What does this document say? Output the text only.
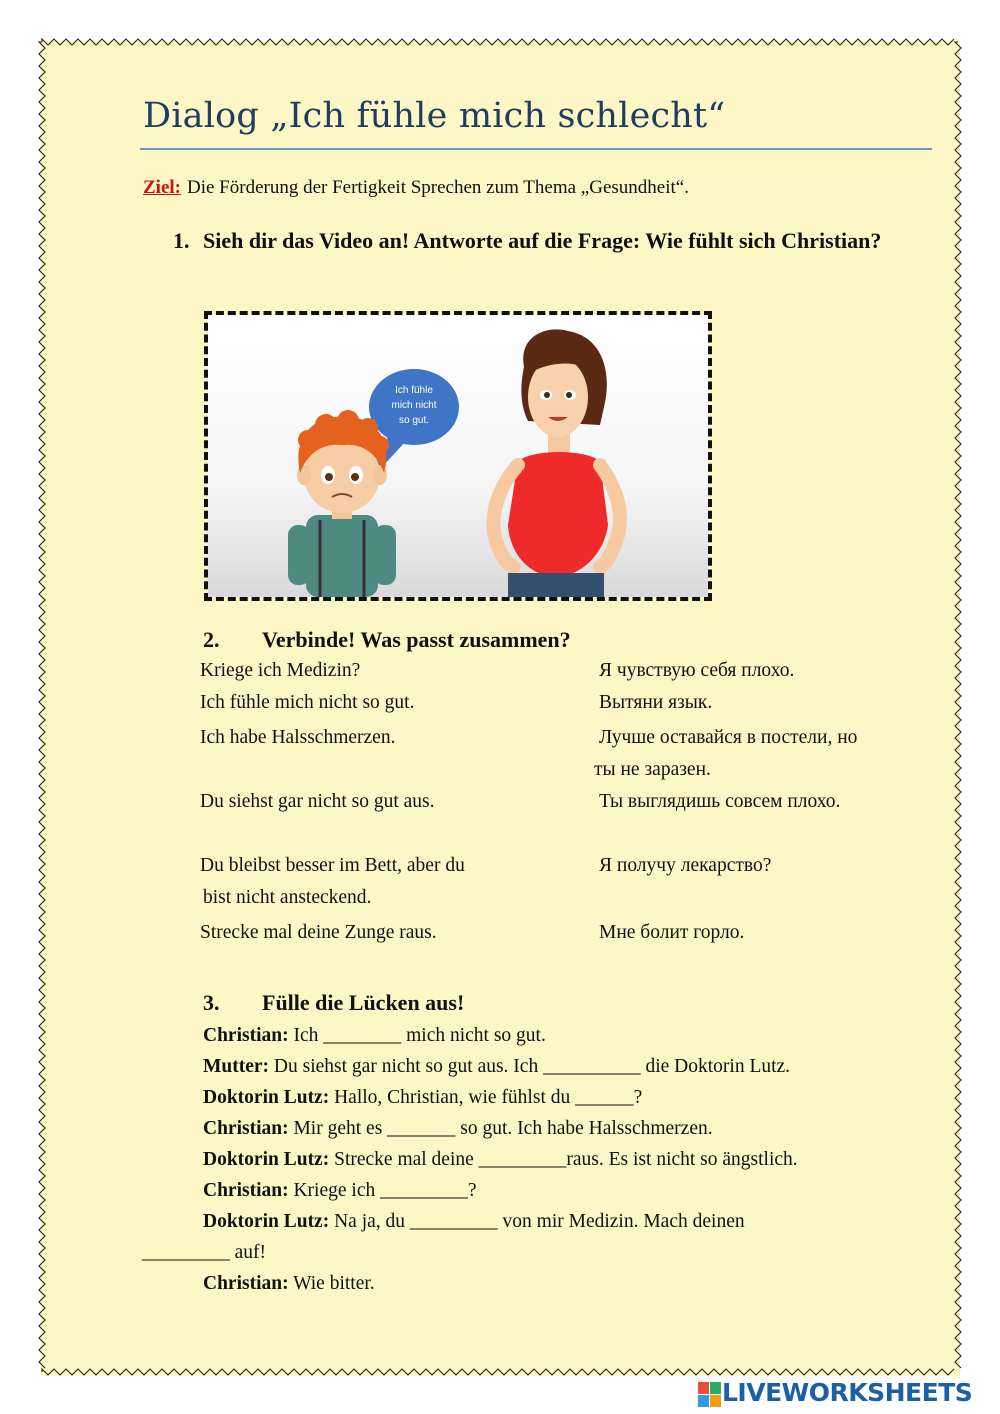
Dialog „Ich fühle mich schlecht“
Ziel: Die Förderung der Fertigkeit Sprechen zum Thema „Gesundheit“.
1. Sieh dir das Video an! Antworte auf die Frage: Wie fühlt sich Christian?
Ich fühle
mich nicht
so gut.
2. Verbinde! Was passt zusammen?
Kriege ich Medizin?
Ich fühle mich nicht so gut.
Ich habe Halsschmerzen.
Du siehst gar nicht so gut aus.
Du bleibst besser im Bett, aber du
bist nicht ansteckend.
Strecke mal deine Zunge raus.
Я чувствую себя плохо.
Вытяни язык.
Лучше оставайся в постели, но
ты не заразен.
Ты выглядишь совсем плохо.
Я получу лекарство?
Мне болит горло.
3. Fülle die Lücken aus!
Christian: Ich ________ mich nicht so gut.
Mutter: Du siehst gar nicht so gut aus. Ich __________ die Doktorin Lutz.
Doktorin Lutz: Hallo, Christian, wie fühlst du ______?
Christian: Mir geht es _______ so gut. Ich habe Halsschmerzen.
Doktorin Lutz: Strecke mal deine _________raus. Es ist nicht so ängstlich.
Christian: Kriege ich _________?
Doktorin Lutz: Na ja, du _________ von mir Medizin. Mach deinen
_________ auf!
Christian: Wie bitter.
LIVEWORKSHEETS
